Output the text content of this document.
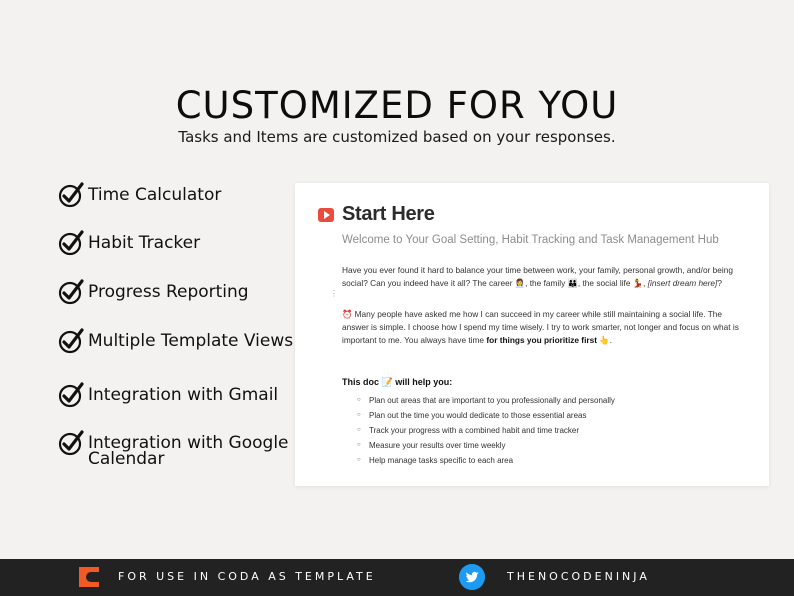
CUSTOMIZED FOR YOU

Tasks and Items are customized based on your responses.

Time Calculator
Habit Tracker
Progress Reporting
Multiple Template Views
Integration with Gmail
Integration with Google Calendar
Start Here
Welcome to Your Goal Setting, Habit Tracking and Task Management Hub
⋮

Have you ever found it hard to balance your time between work, your family, personal growth, and/or being social? Can you indeed have it all? The career 👩‍💼, the family 👪, the social life 💃, [insert dream here]?

⏰ Many people have asked me how I can succeed in my career while still maintaining a social life. The answer is simple. I choose how I spend my time wisely. I try to work smarter, not longer and focus on what is important to me. You always have time for things you prioritize first 👆.

This doc 📝 will help you:
○ Plan out areas that are important to you professionally and personally
○ Plan out the time you would dedicate to those essential areas
○ Track your progress with a combined habit and time tracker
○ Measure your results over time weekly
○ Help manage tasks specific to each area
FOR USE IN CODA AS TEMPLATE	THENOCODENINJA
